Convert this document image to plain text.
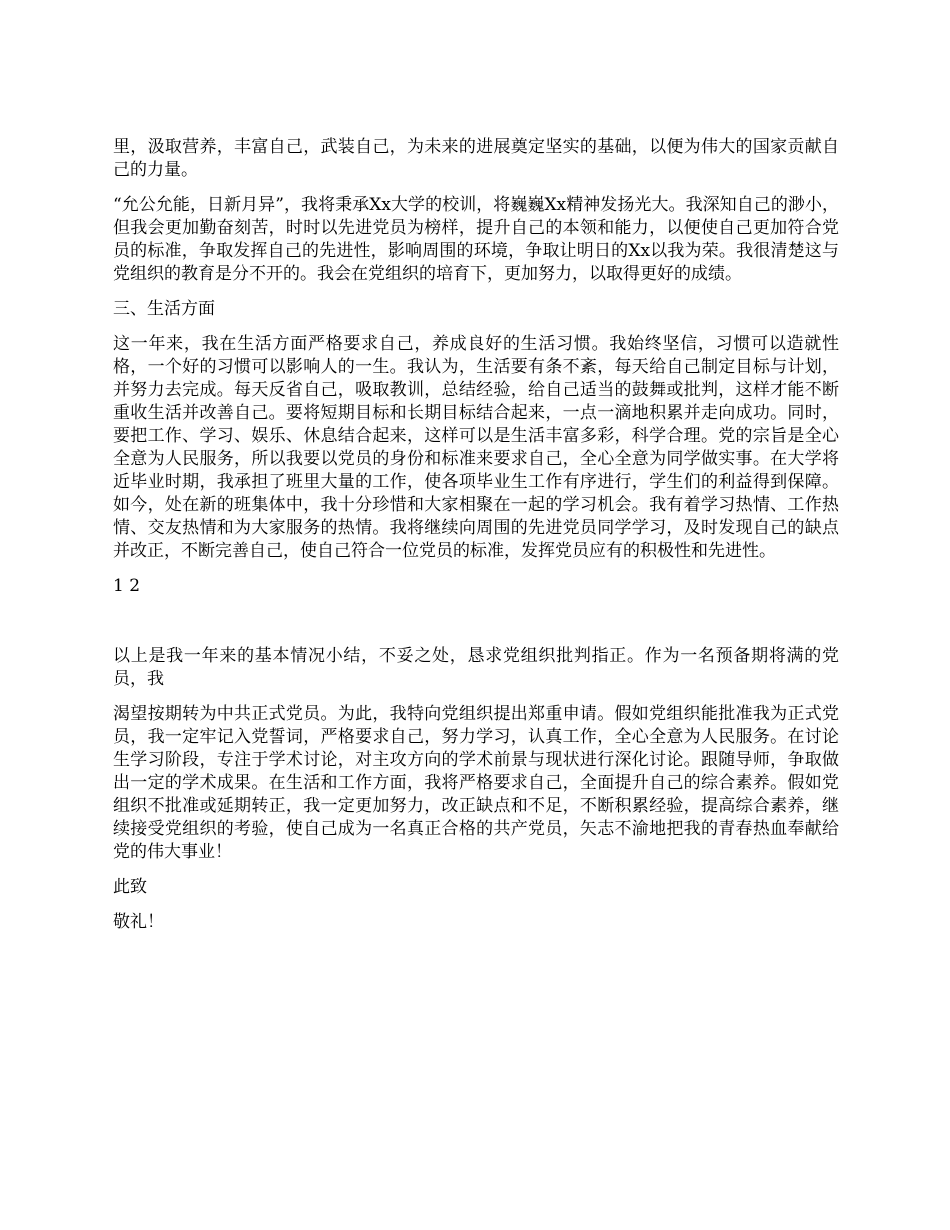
里，汲取营养，丰富自己，武装自己，为未来的进展奠定坚实的基础，以便为伟大的国家贡献自己的力量。

“允公允能，日新月异”，我将秉承Xx大学的校训，将巍巍Xx精神发扬光大。我深知自己的渺小，但我会更加勤奋刻苦，时时以先进党员为榜样，提升自己的本领和能力，以便使自己更加符合党员的标准，争取发挥自己的先进性，影响周围的环境，争取让明日的Xx以我为荣。我很清楚这与党组织的教育是分不开的。我会在党组织的培育下，更加努力，以取得更好的成绩。

三、生活方面

这一年来，我在生活方面严格要求自己，养成良好的生活习惯。我始终坚信，习惯可以造就性格，一个好的习惯可以影响人的一生。我认为，生活要有条不紊，每天给自己制定目标与计划，并努力去完成。每天反省自己，吸取教训，总结经验，给自己适当的鼓舞或批判，这样才能不断重收生活并改善自己。要将短期目标和长期目标结合起来，一点一滴地积累并走向成功。同时，要把工作、学习、娱乐、休息结合起来，这样可以是生活丰富多彩，科学合理。党的宗旨是全心全意为人民服务，所以我要以党员的身份和标准来要求自己，全心全意为同学做实事。在大学将近毕业时期，我承担了班里大量的工作，使各项毕业生工作有序进行，学生们的利益得到保障。如今，处在新的班集体中，我十分珍惜和大家相聚在一起的学习机会。我有着学习热情、工作热情、交友热情和为大家服务的热情。我将继续向周围的先进党员同学学习，及时发现自己的缺点并改正，不断完善自己，使自己符合一位党员的标准，发挥党员应有的积极性和先进性。

1 2

以上是我一年来的基本情况小结，不妥之处，恳求党组织批判指正。作为一名预备期将满的党员，我

渴望按期转为中共正式党员。为此，我特向党组织提出郑重申请。假如党组织能批准我为正式党员，我一定牢记入党誓词，严格要求自己，努力学习，认真工作，全心全意为人民服务。在讨论生学习阶段，专注于学术讨论，对主攻方向的学术前景与现状进行深化讨论。跟随导师，争取做出一定的学术成果。在生活和工作方面，我将严格要求自己，全面提升自己的综合素养。假如党组织不批准或延期转正，我一定更加努力，改正缺点和不足，不断积累经验，提高综合素养，继续接受党组织的考验，使自己成为一名真正合格的共产党员，矢志不渝地把我的青春热血奉献给党的伟大事业！

此致

敬礼！
